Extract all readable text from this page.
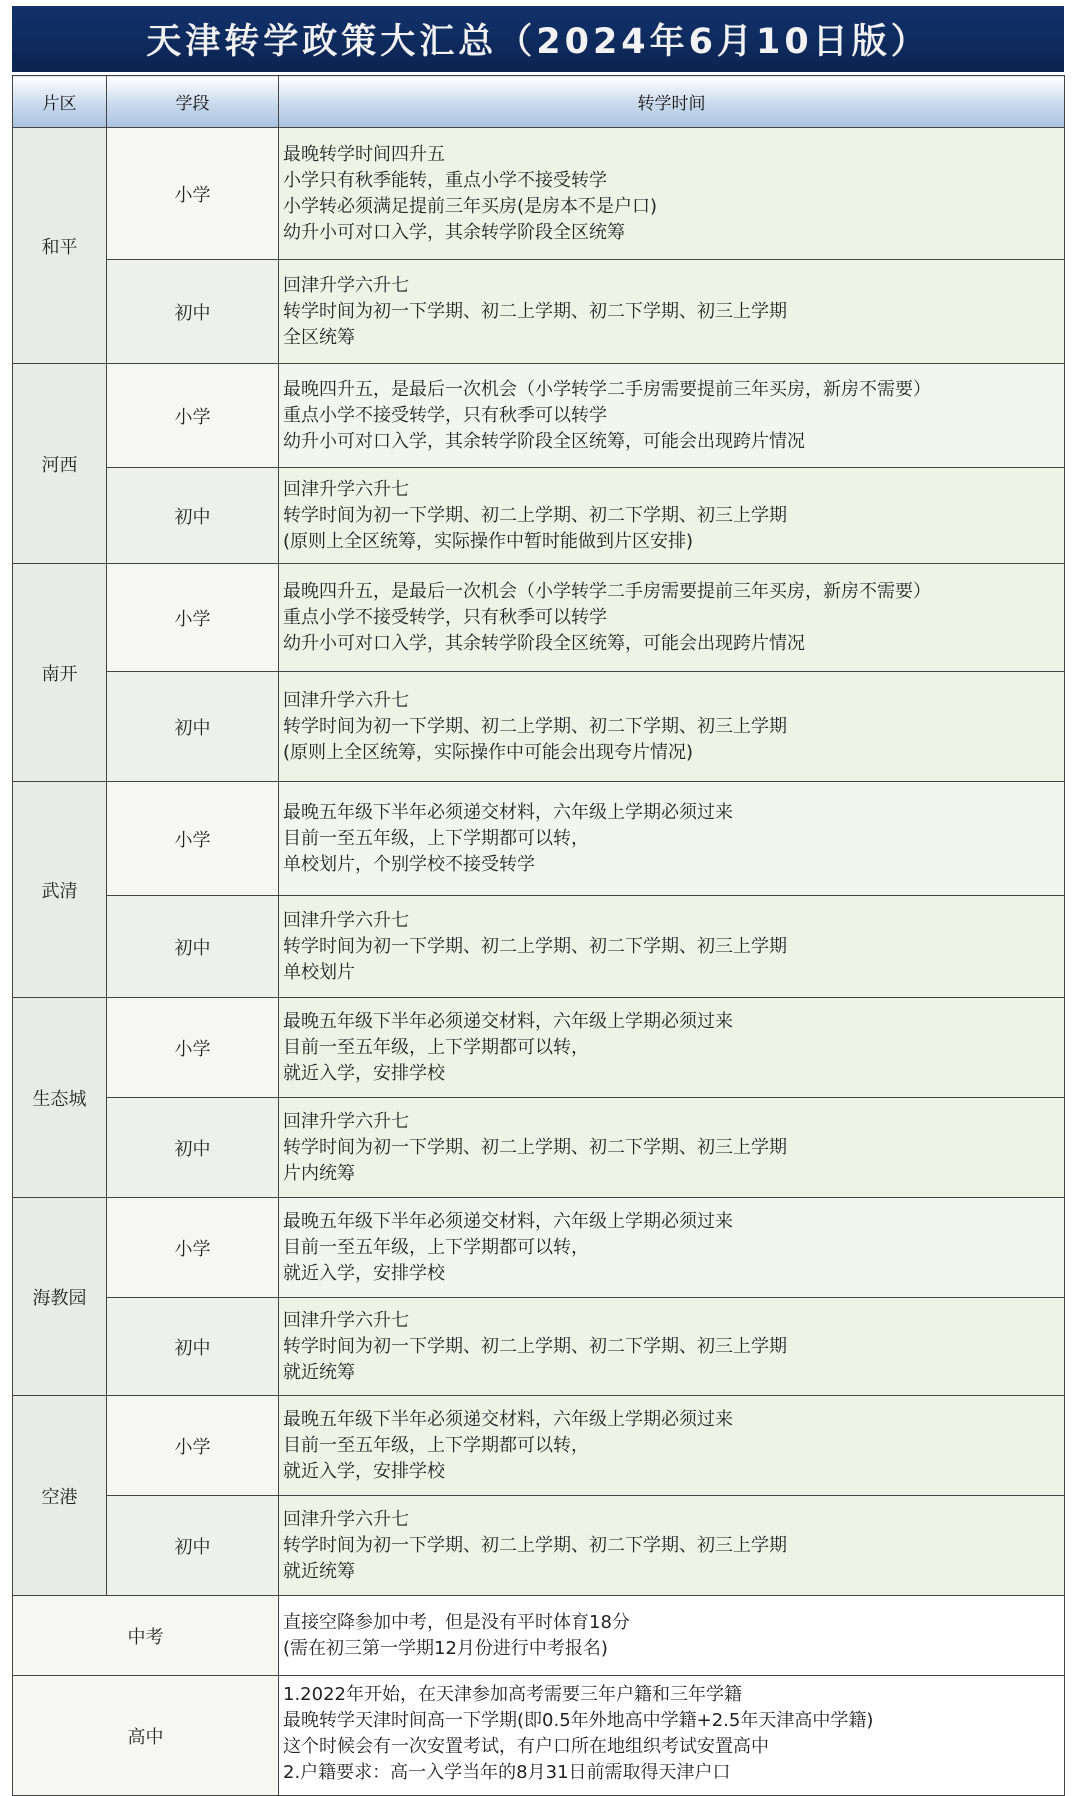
天津转学政策大汇总（2024年6月10日版）
片区	学段	转学时间
和平	小学	最晚转学时间四升五
小学只有秋季能转，重点小学不接受转学
小学转必须满足提前三年买房(是房本不是户口)
幼升小可对口入学，其余转学阶段全区统筹

	初中	回津升学六升七
转学时间为初一下学期、初二上学期、初二下学期、初三上学期
全区统筹

河西	小学	最晚四升五，是最后一次机会（小学转学二手房需要提前三年买房，新房不需要）
重点小学不接受转学，只有秋季可以转学
幼升小可对口入学，其余转学阶段全区统筹，可能会出现跨片情况

	初中	回津升学六升七
转学时间为初一下学期、初二上学期、初二下学期、初三上学期
(原则上全区统筹，实际操作中暂时能做到片区安排)

南开	小学	最晚四升五，是最后一次机会（小学转学二手房需要提前三年买房，新房不需要）
重点小学不接受转学，只有秋季可以转学
幼升小可对口入学，其余转学阶段全区统筹，可能会出现跨片情况

	初中	回津升学六升七
转学时间为初一下学期、初二上学期、初二下学期、初三上学期
(原则上全区统筹，实际操作中可能会出现夸片情况)

武清	小学	最晚五年级下半年必须递交材料，六年级上学期必须过来
目前一至五年级，上下学期都可以转，
单校划片，个别学校不接受转学

	初中	回津升学六升七
转学时间为初一下学期、初二上学期、初二下学期、初三上学期
单校划片

生态城	小学	最晚五年级下半年必须递交材料，六年级上学期必须过来
目前一至五年级，上下学期都可以转，
就近入学，安排学校

	初中	回津升学六升七
转学时间为初一下学期、初二上学期、初二下学期、初三上学期
片内统筹

海教园	小学	最晚五年级下半年必须递交材料，六年级上学期必须过来
目前一至五年级，上下学期都可以转，
就近入学，安排学校

	初中	回津升学六升七
转学时间为初一下学期、初二上学期、初二下学期、初三上学期
就近统筹

空港	小学	最晚五年级下半年必须递交材料，六年级上学期必须过来
目前一至五年级，上下学期都可以转，
就近入学，安排学校

	初中	回津升学六升七
转学时间为初一下学期、初二上学期、初二下学期、初三上学期
就近统筹

中考		直接空降参加中考，但是没有平时体育18分
(需在初三第一学期12月份进行中考报名)

高中		1.2022年开始，在天津参加高考需要三年户籍和三年学籍
最晚转学天津时间高一下学期(即0.5年外地高中学籍+2.5年天津高中学籍)
这个时候会有一次安置考试，有户口所在地组织考试安置高中
2.户籍要求：高一入学当年的8月31日前需取得天津户口
